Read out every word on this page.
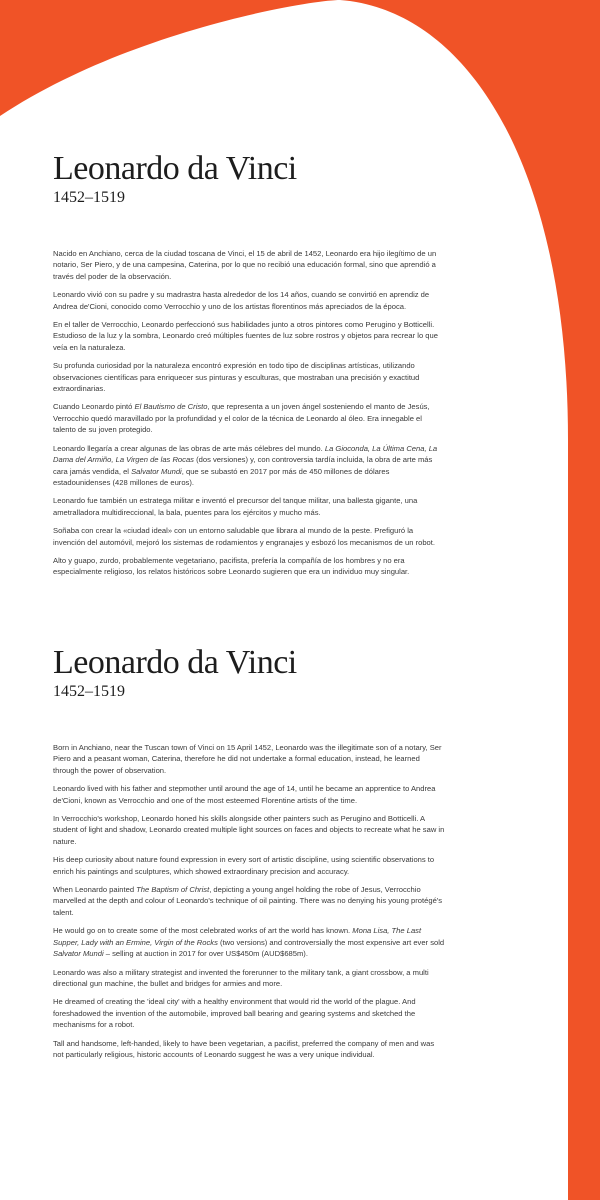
Leonardo da Vinci
1452–1519

Nacido en Anchiano, cerca de la ciudad toscana de Vinci, el 15 de abril de 1452, Leonardo era hijo ilegítimo de un notario, Ser Piero, y de una campesina, Caterina, por lo que no recibió una educación formal, sino que aprendió a través del poder de la observación.

Leonardo vivió con su padre y su madrastra hasta alrededor de los 14 años, cuando se convirtió en aprendiz de Andrea de'Cioni, conocido como Verrocchio y uno de los artistas florentinos más apreciados de la época.

En el taller de Verrocchio, Leonardo perfeccionó sus habilidades junto a otros pintores como Perugino y Botticelli. Estudioso de la luz y la sombra, Leonardo creó múltiples fuentes de luz sobre rostros y objetos para recrear lo que veía en la naturaleza.

Su profunda curiosidad por la naturaleza encontró expresión en todo tipo de disciplinas artísticas, utilizando observaciones científicas para enriquecer sus pinturas y esculturas, que mostraban una precisión y exactitud extraordinarias.

Cuando Leonardo pintó El Bautismo de Cristo, que representa a un joven ángel sosteniendo el manto de Jesús, Verrocchio quedó maravillado por la profundidad y el color de la técnica de Leonardo al óleo. Era innegable el talento de su joven protegido.

Leonardo llegaría a crear algunas de las obras de arte más célebres del mundo. La Gioconda, La Última Cena, La Dama del Armiño, La Virgen de las Rocas (dos versiones) y, con controversia tardía incluida, la obra de arte más cara jamás vendida, el Salvator Mundi, que se subastó en 2017 por más de 450 millones de dólares estadounidenses (428 millones de euros).

Leonardo fue también un estratega militar e inventó el precursor del tanque militar, una ballesta gigante, una ametralladora multidireccional, la bala, puentes para los ejércitos y mucho más.

Soñaba con crear la «ciudad ideal» con un entorno saludable que librara al mundo de la peste. Prefiguró la invención del automóvil, mejoró los sistemas de rodamientos y engranajes y esbozó los mecanismos de un robot.

Alto y guapo, zurdo, probablemente vegetariano, pacifista, prefería la compañía de los hombres y no era especialmente religioso, los relatos históricos sobre Leonardo sugieren que era un individuo muy singular.

Leonardo da Vinci
1452–1519

Born in Anchiano, near the Tuscan town of Vinci on 15 April 1452, Leonardo was the illegitimate son of a notary, Ser Piero and a peasant woman, Caterina, therefore he did not undertake a formal education, instead, he learned through the power of observation.

Leonardo lived with his father and stepmother until around the age of 14, until he became an apprentice to Andrea de'Cioni, known as Verrocchio and one of the most esteemed Florentine artists of the time.

In Verrocchio's workshop, Leonardo honed his skills alongside other painters such as Perugino and Botticelli. A student of light and shadow, Leonardo created multiple light sources on faces and objects to recreate what he saw in nature.

His deep curiosity about nature found expression in every sort of artistic discipline, using scientific observations to enrich his paintings and sculptures, which showed extraordinary precision and accuracy.

When Leonardo painted The Baptism of Christ, depicting a young angel holding the robe of Jesus, Verrocchio marvelled at the depth and colour of Leonardo's technique of oil painting. There was no denying his young protégé's talent.

He would go on to create some of the most celebrated works of art the world has known. Mona Lisa, The Last Supper, Lady with an Ermine, Virgin of the Rocks (two versions) and controversially the most expensive art ever sold Salvator Mundi – selling at auction in 2017 for over US$450m (AUD$685m).

Leonardo was also a military strategist and invented the forerunner to the military tank, a giant crossbow, a multi directional gun machine, the bullet and bridges for armies and more.

He dreamed of creating the 'ideal city' with a healthy environment that would rid the world of the plague. And foreshadowed the invention of the automobile, improved ball bearing and gearing systems and sketched the mechanisms for a robot.

Tall and handsome, left-handed, likely to have been vegetarian, a pacifist, preferred the company of men and was not particularly religious, historic accounts of Leonardo suggest he was a very unique individual.
